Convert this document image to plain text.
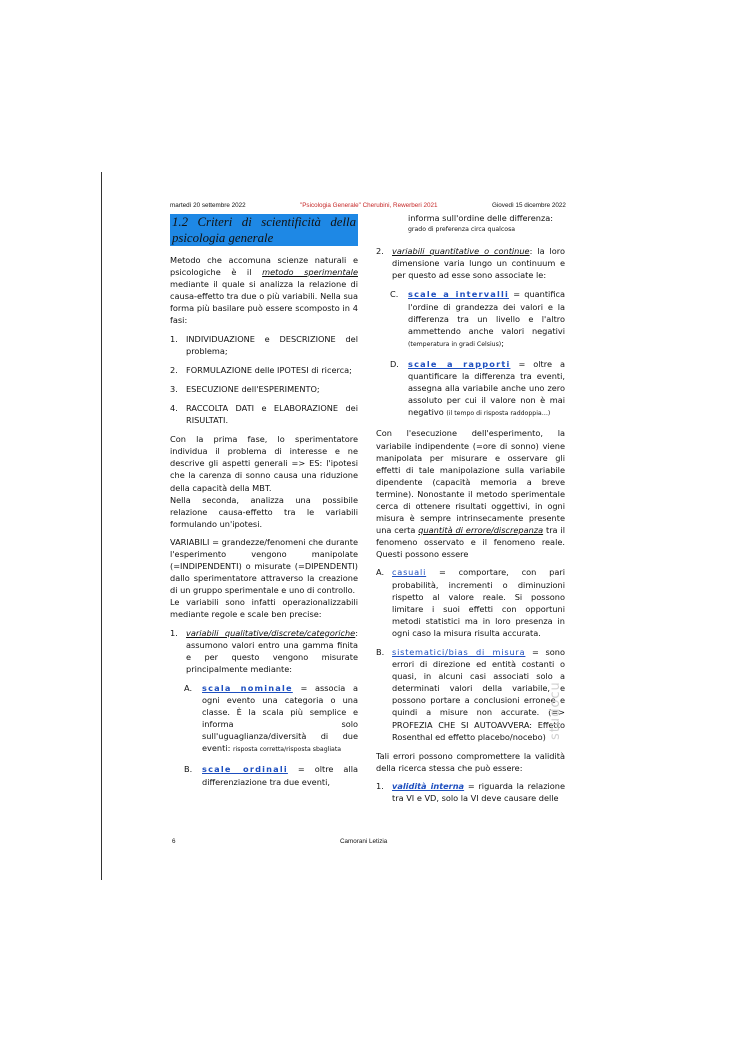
martedì 20 settembre 2022	"Psicologia Generale" Cherubini, Rewerberi 2021	Giovedì 15 dicembre 2022
1.2 Criteri di scientificità della psicologia generale

Metodo che accomuna scienze naturali e psicologiche è il metodo sperimentale mediante il quale si analizza la relazione di causa-effetto tra due o più variabili. Nella sua forma più basilare può essere scomposto in 4 fasi:

1. INDIVIDUAZIONE e DESCRIZIONE del problema;
2. FORMULAZIONE delle IPOTESI di ricerca;
3. ESECUZIONE dell'ESPERIMENTO;
4. RACCOLTA DATI e ELABORAZIONE dei RISULTATI.

Con la prima fase, lo sperimentatore individua il problema di interesse e ne descrive gli aspetti generali => ES: l'ipotesi che la carenza di sonno causa una riduzione della capacità della MBT.

Nella seconda, analizza una possibile relazione causa-effetto tra le variabili formulando un'ipotesi.

VARIABILI = grandezze/fenomeni che durante l'esperimento vengono manipolate (=INDIPENDENTI) o misurate (=DIPENDENTI) dallo sperimentatore attraverso la creazione di un gruppo sperimentale e uno di controllo.

Le variabili sono infatti operazionalizzabili mediante regole e scale ben precise:

1. variabili qualitative/discrete/categoriche: assumono valori entro una gamma finita e per questo vengono misurate principalmente mediante:
A. scala nominale = associa a ogni evento una categoria o una classe. È la scala più semplice e informa solo sull'uguaglianza/diversità di due eventi: risposta corretta/risposta sbagliata
B. scale ordinali = oltre alla differenziazione tra due eventi,
informa sull'ordine delle differenza:
grado di preferenza circa qualcosa
2. variabili quantitative o continue: la loro dimensione varia lungo un continuum e per questo ad esse sono associate le:
C. scale a intervalli = quantifica l'ordine di grandezza dei valori e la differenza tra un livello e l'altro ammettendo anche valori negativi (temperatura in gradi Celsius);
D. scale a rapporti = oltre a quantificare la differenza tra eventi, assegna alla variabile anche uno zero assoluto per cui il valore non è mai negativo (il tempo di risposta raddoppia…)

Con l'esecuzione dell'esperimento, la variabile indipendente (=ore di sonno) viene manipolata per misurare e osservare gli effetti di tale manipolazione sulla variabile dipendente (capacità memoria a breve termine). Nonostante il metodo sperimentale cerca di ottenere risultati oggettivi, in ogni misura è sempre intrinsecamente presente una certa quantità di errore/discrepanza tra il fenomeno osservato e il fenomeno reale. Questi possono essere

A. casuali = comportare, con pari probabilità, incrementi o diminuzioni rispetto al valore reale. Si possono limitare i suoi effetti con opportuni metodi statistici ma in loro presenza in ogni caso la misura risulta accurata.
B. sistematici/bias di misura = sono errori di direzione ed entità costanti o quasi, in alcuni casi associati solo a determinati valori della variabile, e possono portare a conclusioni erronee e quindi a misure non accurate. (=> PROFEZIA CHE SI AUTOAVVERA: Effetto Rosenthal ed effetto placebo/nocebo)

Tali errori possono compromettere la validità della ricerca stessa che può essere:

1. validità interna = riguarda la relazione tra VI e VD, solo la VI deve causare delle
studocu
6	Camorani Letizia
